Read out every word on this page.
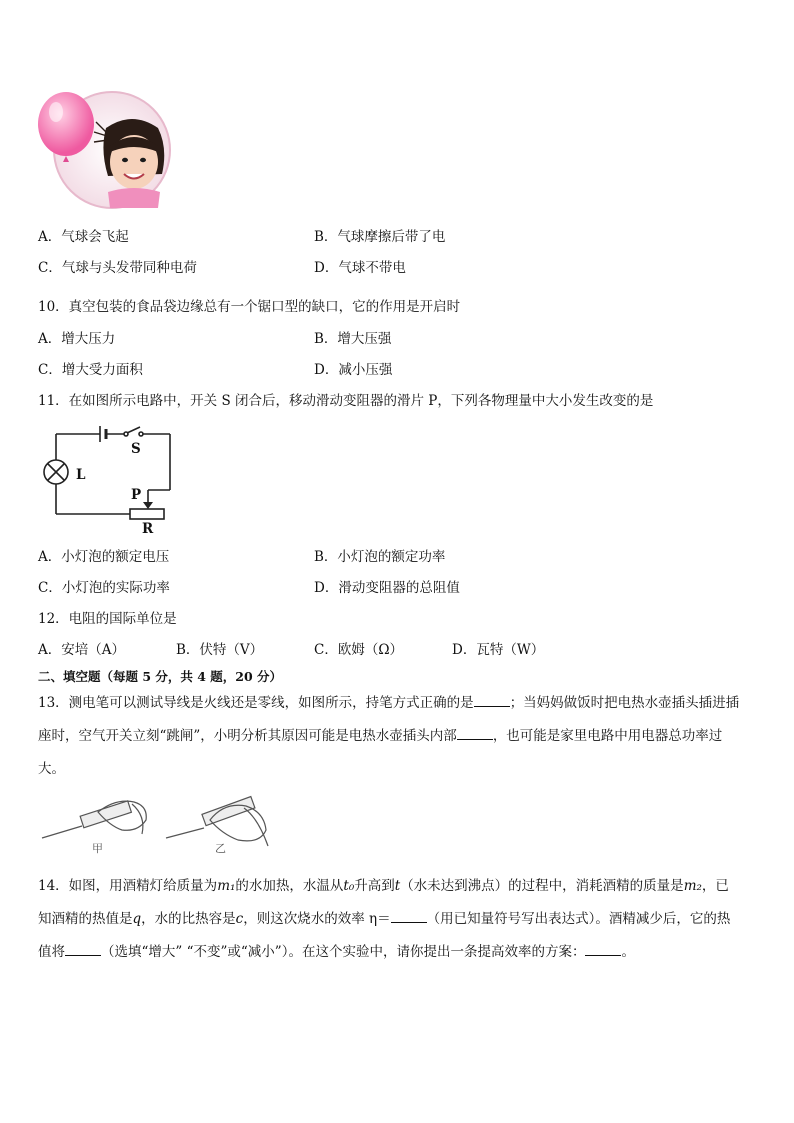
A．气球会飞起	B．气球摩擦后带了电
C．气球与头发带同种电荷	D．气球不带电
10．真空包装的食品袋边缘总有一个锯口型的缺口，它的作用是开启时
A．增大压力	B．增大压强
C．增大受力面积	D．减小压强
11．在如图所示电路中，开关 S 闭合后，移动滑动变阻器的滑片 P，下列各物理量中大小发生改变的是
L
S
P
R
A．小灯泡的额定电压	B．小灯泡的额定功率
C．小灯泡的实际功率	D．滑动变阻器的总阻值
12．电阻的国际单位是
A．安培（A）	B．伏特（V）	C．欧姆（Ω）	D．瓦特（W）
二、填空题（每题 5 分，共 4 题，20 分）
13．测电笔可以测试导线是火线还是零线，如图所示，持笔方式正确的是	；当妈妈做饭时把电热水壶插头插进插
座时，空气开关立刻“跳闸”，小明分析其原因可能是电热水壶插头内部	，也可能是家里电路中用电器总功率过
大。
甲	乙
14．如图，用酒精灯给质量为m₁的水加热，水温从t₀升高到t（水未达到沸点）的过程中，消耗酒精的质量是m₂，已
知酒精的热值是q，水的比热容是c，则这次烧水的效率 η＝	（用已知量符号写出表达式）。酒精减少后，它的热
值将	（选填“增大” “不变”或“减小”）。在这个实验中，请你提出一条提高效率的方案：	。
